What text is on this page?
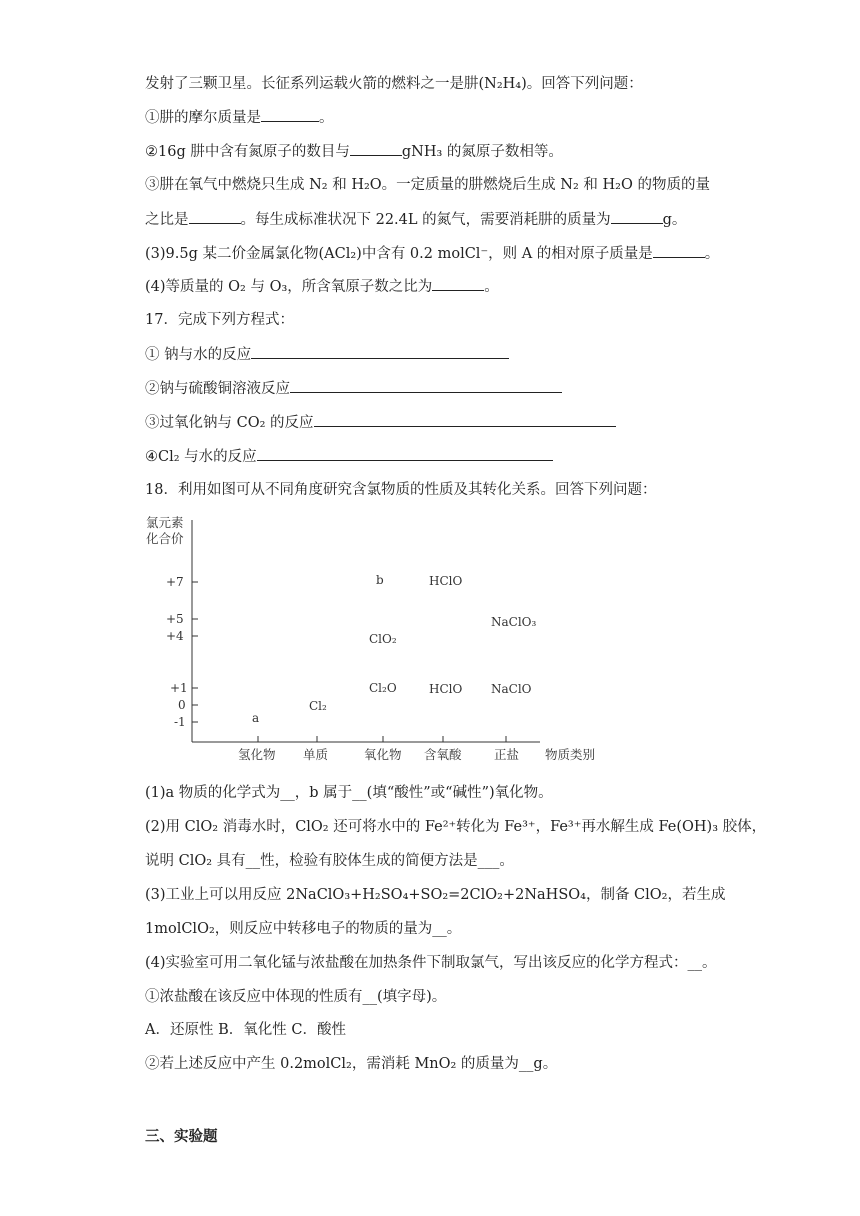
发射了三颗卫星。长征系列运载火箭的燃料之一是肼(N₂H₄)。回答下列问题：
①肼的摩尔质量是	。
②16g 肼中含有氮原子的数目与	gNH₃ 的氮原子数相等。
③肼在氧气中燃烧只生成 N₂ 和 H₂O。一定质量的肼燃烧后生成 N₂ 和 H₂O 的物质的量
之比是	。每生成标准状况下 22.4L 的氮气，需要消耗肼的质量为	g。
(3)9.5g 某二价金属氯化物(ACl₂)中含有 0.2 molCl⁻，则 A 的相对原子质量是	。
(4)等质量的 O₂ 与 O₃，所含氧原子数之比为	。
17．完成下列方程式：
① 钠与水的反应
②钠与硫酸铜溶液反应
③过氧化钠与 CO₂ 的反应
④Cl₂ 与水的反应
18．利用如图可从不同角度研究含氯物质的性质及其转化关系。回答下列问题：
氯元素
化合价
+7
+5
+4
+1
0
-1
氢化物 单质	氧化物 含氧酸	正盐 物质类别
b	HClO
NaClO₃
ClO₂
Cl₂O	HClO NaClO
Cl₂
a
(1)a 物质的化学式为__，b 属于__(填“酸性”或“碱性”)氧化物。
(2)用 ClO₂ 消毒水时，ClO₂ 还可将水中的 Fe²⁺转化为 Fe³⁺，Fe³⁺再水解生成 Fe(OH)₃ 胶体，
说明 ClO₂ 具有__性，检验有胶体生成的简便方法是___。
(3)工业上可以用反应 2NaClO₃+H₂SO₄+SO₂=2ClO₂+2NaHSO₄，制备 ClO₂，若生成
1molClO₂，则反应中转移电子的物质的量为__。
(4)实验室可用二氧化锰与浓盐酸在加热条件下制取氯气，写出该反应的化学方程式：__。
①浓盐酸在该反应中体现的性质有__(填字母)。
A．还原性 B．氧化性 C．酸性
②若上述反应中产生 0.2molCl₂，需消耗 MnO₂ 的质量为__g。
三、实验题
